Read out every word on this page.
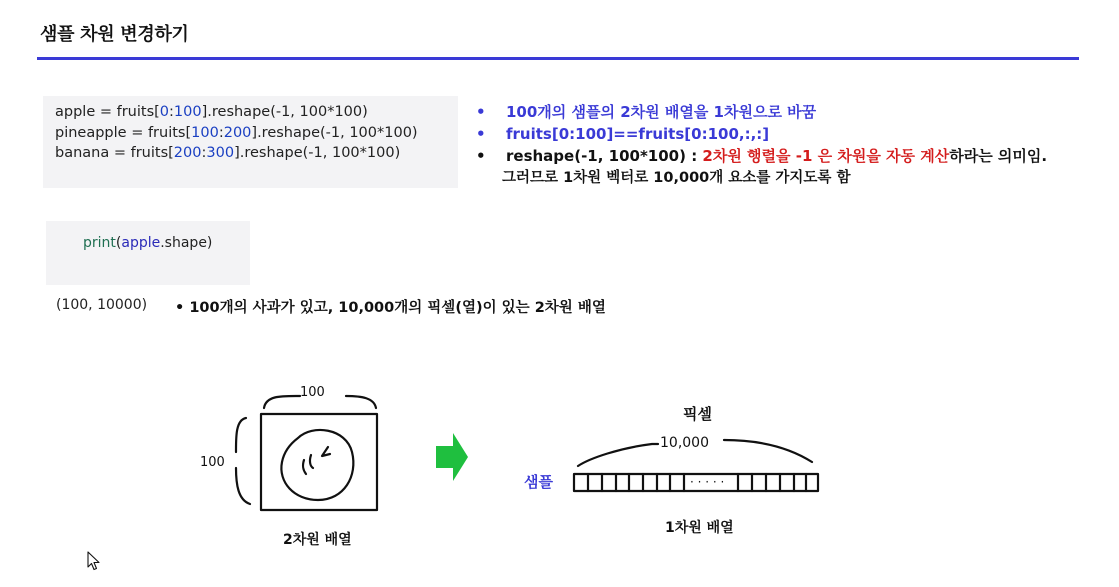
샘플 차원 변경하기
apple = fruits[0:100].reshape(-1, 100*100)
pineapple = fruits[100:200].reshape(-1, 100*100)
banana = fruits[200:300].reshape(-1, 100*100)
print(apple.shape)
(100, 10000) • 100개의 사과가 있고, 10,000개의 픽셀(열)이 있는 2차원 배열
• 100개의 샘플의 2차원 배열을 1차원으로 바꿈
• fruits[0:100]==fruits[0:100,:,:]
• reshape(-1, 100*100) : 2차원 행렬을 -1 은 차원을 자동 계산하라는 의미임.
그러므로 1차원 벡터로 10,000개 요소를 가지도록 함
100
100
2차원 배열
픽셀
10,000
샘플	· · · · ·
1차원 배열
